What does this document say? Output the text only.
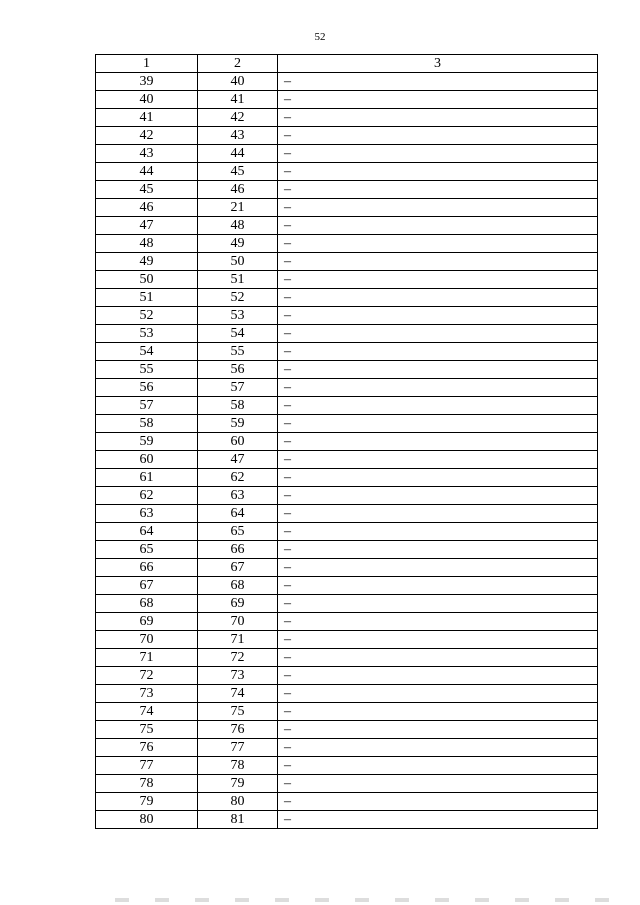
52
1	2	3
39	40	–
40	41	–
41	42	–
42	43	–
43	44	–
44	45	–
45	46	–
46	21	–
47	48	–
48	49	–
49	50	–
50	51	–
51	52	–
52	53	–
53	54	–
54	55	–
55	56	–
56	57	–
57	58	–
58	59	–
59	60	–
60	47	–
61	62	–
62	63	–
63	64	–
64	65	–
65	66	–
66	67	–
67	68	–
68	69	–
69	70	–
70	71	–
71	72	–
72	73	–
73	74	–
74	75	–
75	76	–
76	77	–
77	78	–
78	79	–
79	80	–
80	81	–
